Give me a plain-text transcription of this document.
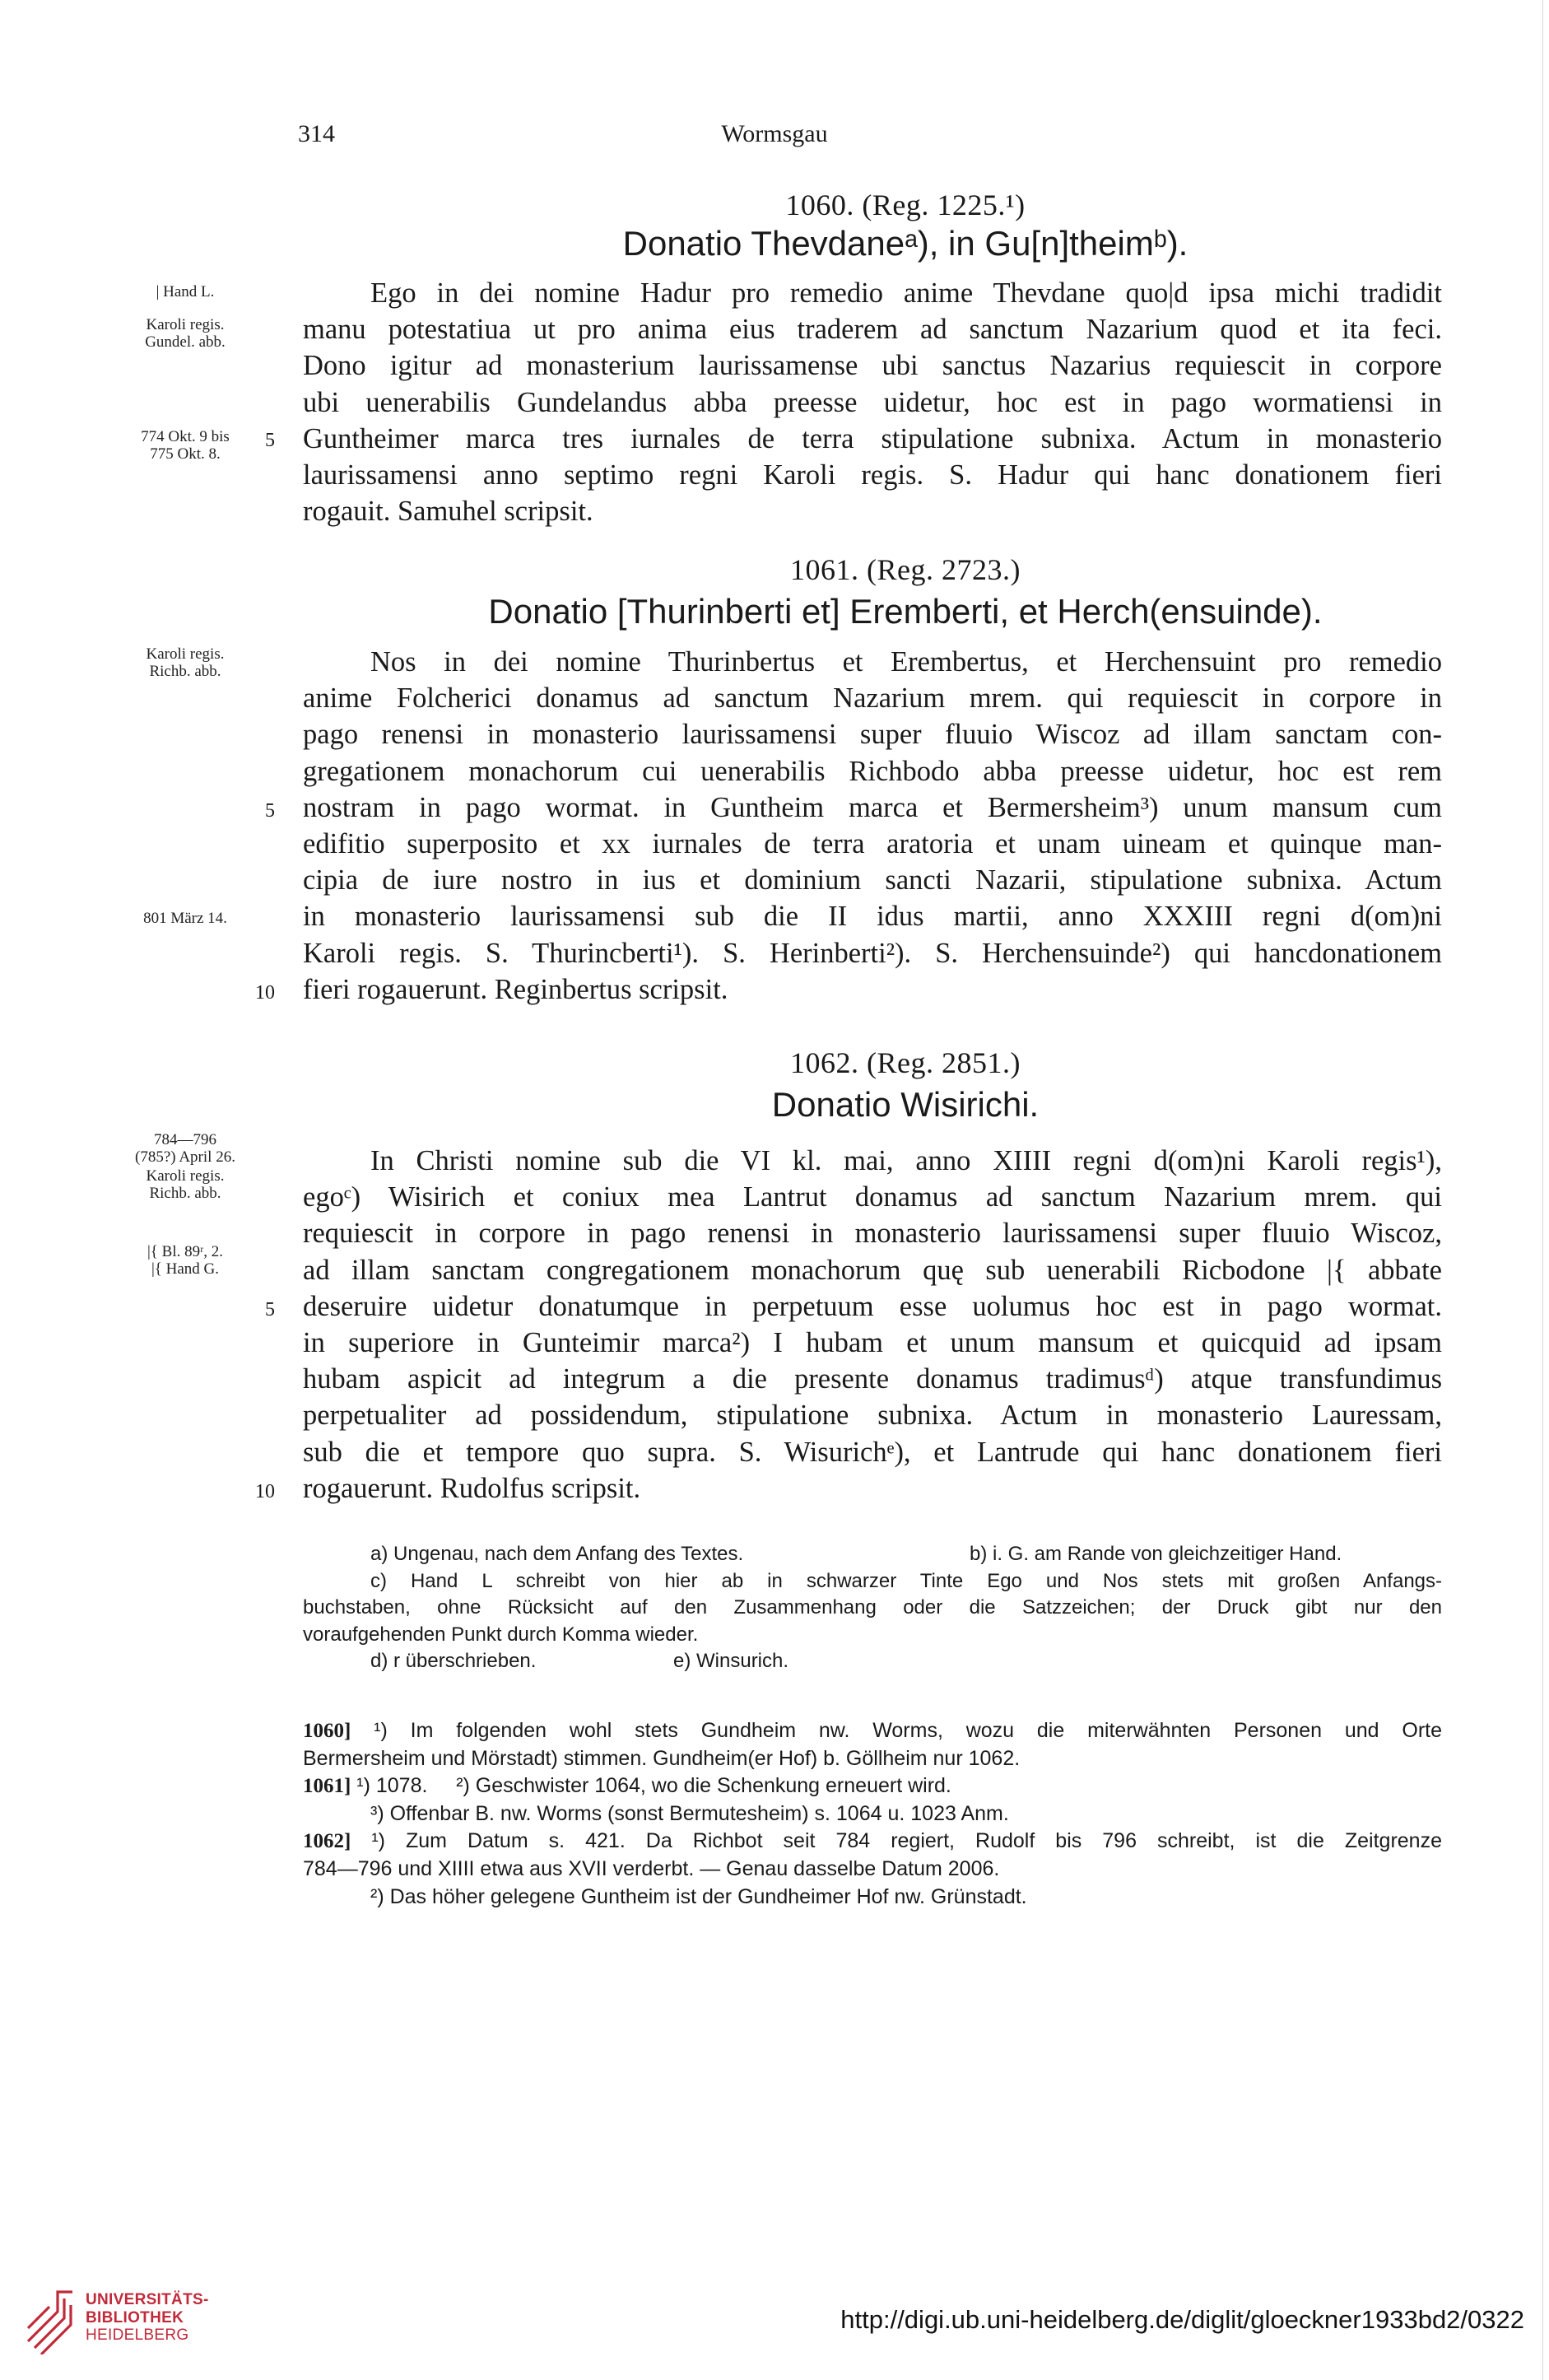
314	Wormsgau
1060. (Reg. 1225.¹)
Donatio Thevdaneᵃ), in Gu[n]theimᵇ).
Ego in dei nomine Hadur pro remedio anime Thevdane quo|d ipsa michi tradidit
manu potestatiua ut pro anima eius traderem ad sanctum Nazarium quod et ita feci.
Dono igitur ad monasterium laurissamense ubi sanctus Nazarius requiescit in corpore
ubi uenerabilis Gundelandus abba preesse uidetur, hoc est in pago wormatiensi in
Guntheimer marca tres iurnales de terra stipulatione subnixa. Actum in monasterio
laurissamensi anno septimo regni Karoli regis. S. Hadur qui hanc donationem fieri
rogauit. Samuhel scripsit.
5
| Hand L.
Karoli regis.
Gundel. abb.
774 Okt. 9 bis
775 Okt. 8.
1061. (Reg. 2723.)
Donatio [Thurinberti et] Eremberti, et Herch(ensuinde).
Nos in dei nomine Thurinbertus et Erembertus, et Herchensuint pro remedio
anime Folcherici donamus ad sanctum Nazarium mrem. qui requiescit in corpore in
pago renensi in monasterio laurissamensi super fluuio Wiscoz ad illam sanctam con-
gregationem monachorum cui uenerabilis Richbodo abba preesse uidetur, hoc est rem
nostram in pago wormat. in Guntheim marca et Bermersheim³) unum mansum cum
edifitio superposito et xx iurnales de terra aratoria et unam uineam et quinque man-
cipia de iure nostro in ius et dominium sancti Nazarii, stipulatione subnixa. Actum
in monasterio laurissamensi sub die II idus martii, anno XXXIII regni d(om)ni
Karoli regis. S. Thurincberti¹). S. Herinberti²). S. Herchensuinde²) qui hancdonationem
fieri rogauerunt. Reginbertus scripsit.
5
10
Karoli regis.
Richb. abb.
801 März 14.
1062. (Reg. 2851.)
Donatio Wisirichi.
In Christi nomine sub die VI kl. mai, anno XIIII regni d(om)ni Karoli regis¹),
egoᶜ) Wisirich et coniux mea Lantrut donamus ad sanctum Nazarium mrem. qui
requiescit in corpore in pago renensi in monasterio laurissamensi super fluuio Wiscoz,
ad illam sanctam congregationem monachorum quę sub uenerabili Ricbodone |{ abbate
deseruire uidetur donatumque in perpetuum esse uolumus hoc est in pago wormat.
in superiore in Gunteimir marca²) I hubam et unum mansum et quicquid ad ipsam
hubam aspicit ad integrum a die presente donamus tradimusᵈ) atque transfundimus
perpetualiter ad possidendum, stipulatione subnixa. Actum in monasterio Lauressam,
sub die et tempore quo supra. S. Wisurichᵉ), et Lantrude qui hanc donationem fieri
rogauerunt. Rudolfus scripsit.
5
10
784—796
(785?) April 26.
Karoli regis.
Richb. abb.
|{ Bl. 89ʳ, 2.
|{ Hand G.
a) Ungenau, nach dem Anfang des Textes.	b) i. G. am Rande von gleichzeitiger Hand.
c) Hand L schreibt von hier ab in schwarzer Tinte Ego und Nos stets mit großen Anfangs-
buchstaben, ohne Rücksicht auf den Zusammenhang oder die Satzzeichen; der Druck gibt nur den
voraufgehenden Punkt durch Komma wieder.
d) r überschrieben.	e) Winsurich.
1060] ¹) Im folgenden wohl stets Gundheim nw. Worms, wozu die miterwähnten Personen und Orte
Bermersheim und Mörstadt) stimmen. Gundheim(er Hof) b. Göllheim nur 1062.
1061] ¹) 1078. ²) Geschwister 1064, wo die Schenkung erneuert wird.
³) Offenbar B. nw. Worms (sonst Bermutesheim) s. 1064 u. 1023 Anm.
1062] ¹) Zum Datum s. 421. Da Richbot seit 784 regiert, Rudolf bis 796 schreibt, ist die Zeitgrenze
784—796 und XIIII etwa aus XVII verderbt. — Genau dasselbe Datum 2006.
²) Das höher gelegene Guntheim ist der Gundheimer Hof nw. Grünstadt.
UNIVERSITÄTS-
BIBLIOTHEK
HEIDELBERG
http://digi.ub.uni-heidelberg.de/diglit/gloeckner1933bd2/0322
